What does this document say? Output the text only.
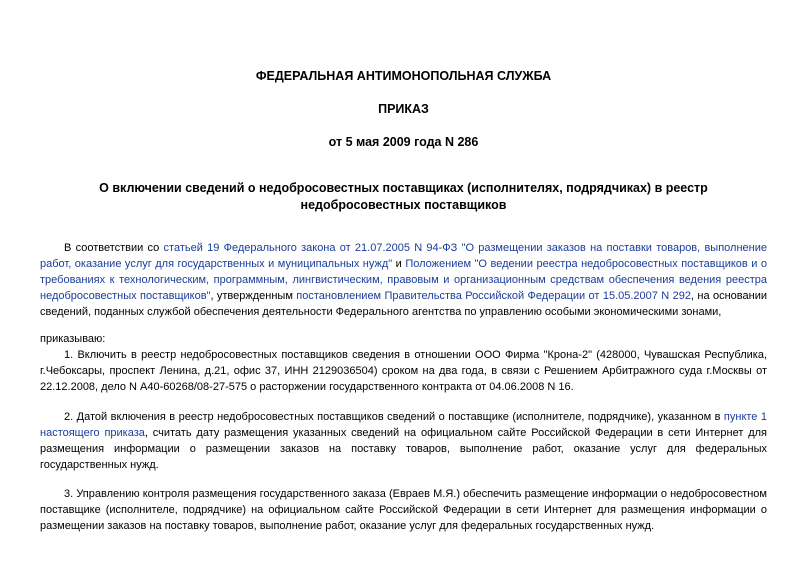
ФЕДЕРАЛЬНАЯ АНТИМОНОПОЛЬНАЯ СЛУЖБА
ПРИКАЗ
от 5 мая 2009 года N 286
О включении сведений о недобросовестных поставщиках (исполнителях, подрядчиках) в реестр
недобросовестных поставщиков
В соответствии со статьей 19 Федерального закона от 21.07.2005 N 94-ФЗ "О размещении заказов на поставки товаров, выполнение работ, оказание услуг для государственных и муниципальных нужд" и Положением "О ведении реестра недобросовестных поставщиков и о требованиях к технологическим, программным, лингвистическим, правовым и организационным средствам обеспечения ведения реестра недобросовестных поставщиков", утвержденным постановлением Правительства Российской Федерации от 15.05.2007 N 292, на основании сведений, поданных службой обеспечения деятельности Федерального агентства по управлению особыми экономическими зонами,
приказываю:
1. Включить в реестр недобросовестных поставщиков сведения в отношении ООО Фирма "Крона-2" (428000, Чувашская Республика, г.Чебоксары, проспект Ленина, д.21, офис 37, ИНН 2129036504) сроком на два года, в связи с Решением Арбитражного суда г.Москвы от 22.12.2008, дело N А40-60268/08-27-575 о расторжении государственного контракта от 04.06.2008 N 16.
2. Датой включения в реестр недобросовестных поставщиков сведений о поставщике (исполнителе, подрядчике), указанном в пункте 1 настоящего приказа, считать дату размещения указанных сведений на официальном сайте Российской Федерации в сети Интернет для размещения информации о размещении заказов на поставку товаров, выполнение работ, оказание услуг для федеральных государственных нужд.
3. Управлению контроля размещения государственного заказа (Евраев М.Я.) обеспечить размещение информации о недобросовестном поставщике (исполнителе, подрядчике) на официальном сайте Российской Федерации в сети Интернет для размещения информации о размещении заказов на поставку товаров, выполнение работ, оказание услуг для федеральных государственных нужд.
